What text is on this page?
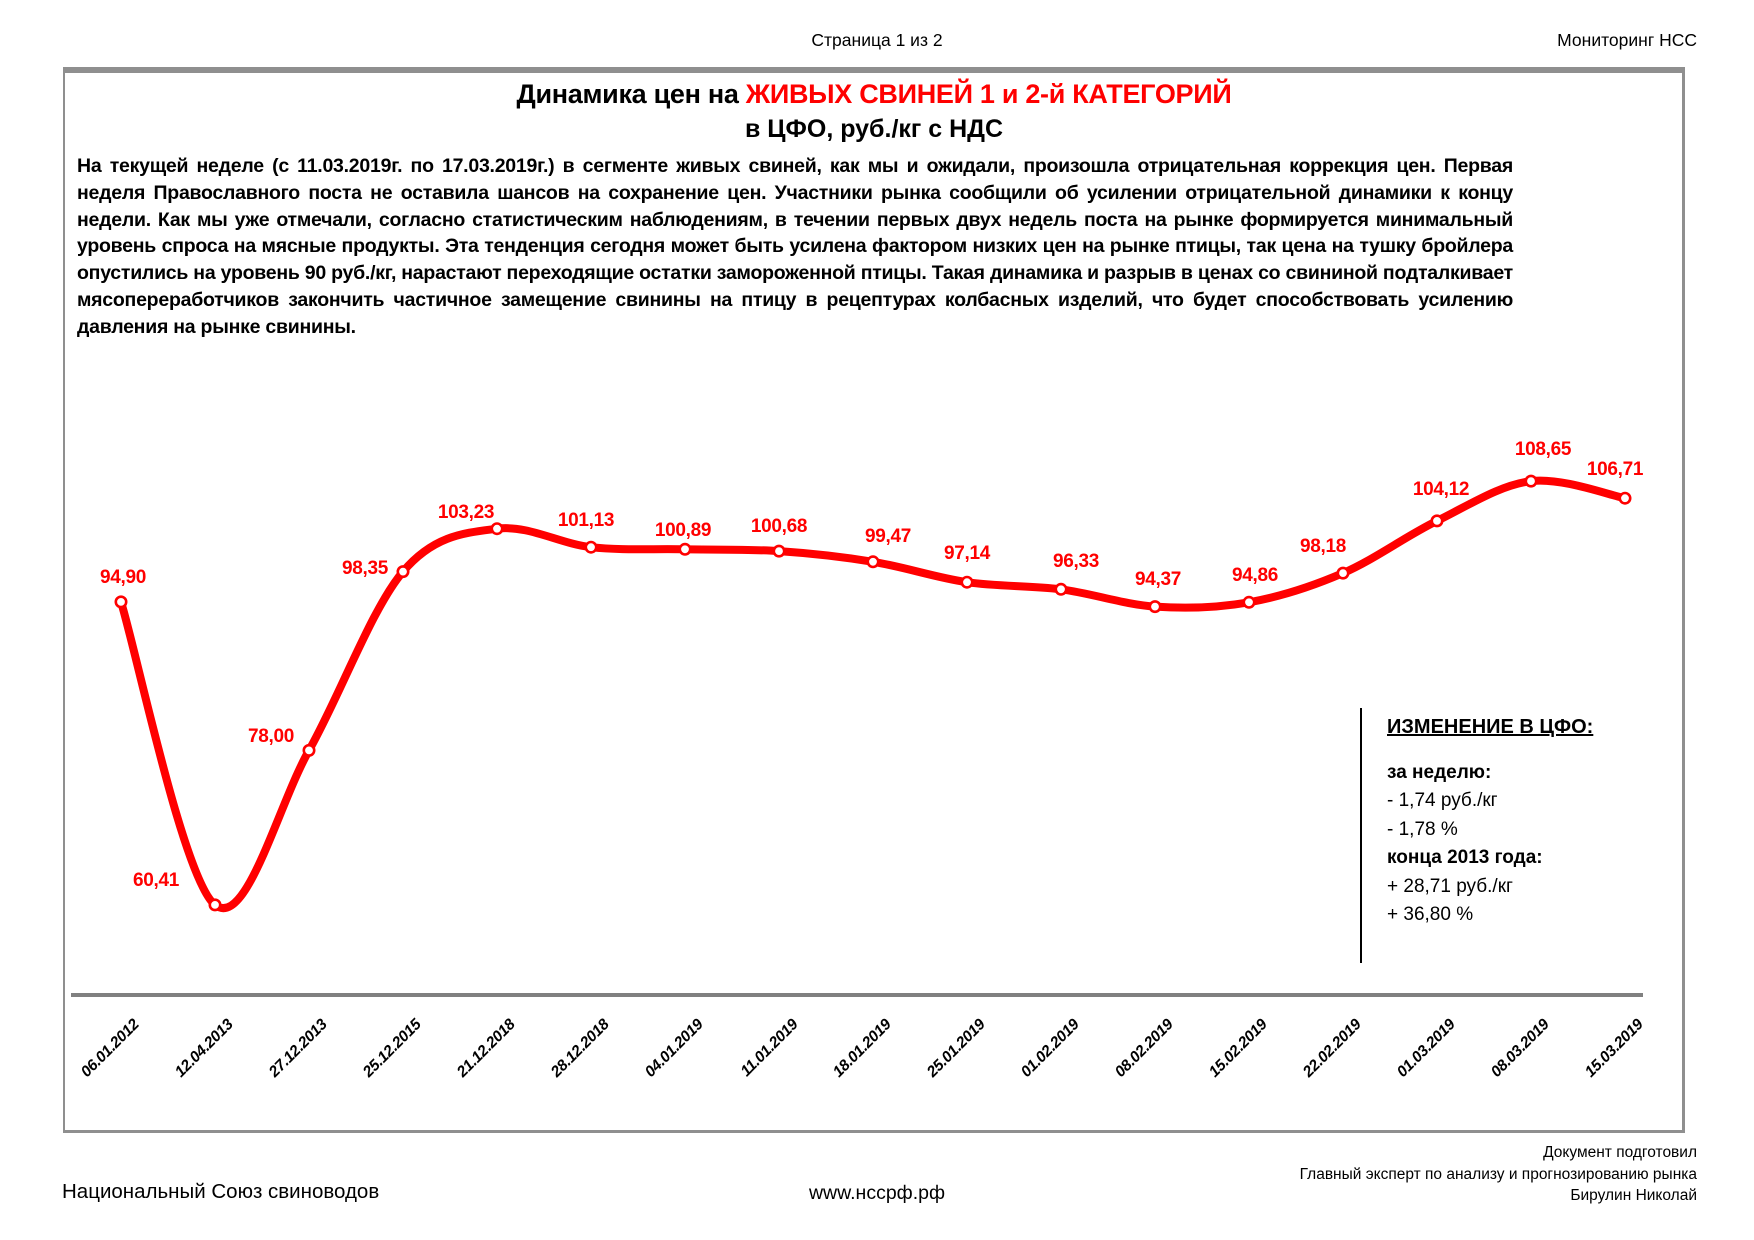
Страница 1 из 2	Мониторинг НСС
Динамика цен на ЖИВЫХ СВИНЕЙ 1 и 2-й КАТЕГОРИЙ
в ЦФО, руб./кг с НДС
На текущей неделе (с 11.03.2019г. по 17.03.2019г.) в сегменте живых свиней, как мы и ожидали, произошла отрицательная коррекция цен. Первая неделя Православного поста не оставила шансов на сохранение цен. Участники рынка сообщили об усилении отрицательной динамики к концу недели. Как мы уже отмечали, согласно статистическим наблюдениям, в течении первых двух недель поста на рынке формируется минимальный уровень спроса на мясные продукты. Эта тенденция сегодня может быть усилена фактором низких цен на рынке птицы, так цена на тушку бройлера опустились на уровень 90 руб./кг, нарастают переходящие остатки замороженной птицы. Такая динамика и разрыв в ценах со свининой подталкивает мясопереработчиков закончить частичное замещение свинины на птицу в рецептурах колбасных изделий, что будет способствовать усилению давления на рынке свинины.
94,90
60,41
78,00
98,35
103,23	101,13 100,89 100,68	99,47
97,14	96,33
94,37	94,86
98,18
104,12
108,65
106,71
06.01.2012 12.04.2013 27.12.2013 25.12.2015 21.12.2018 28.12.2018 04.01.2019 11.01.2019 18.01.2019 25.01.2019 01.02.2019 08.02.2019 15.02.2019 22.02.2019 01.03.2019 08.03.2019 15.03.2019
ИЗМЕНЕНИЕ В ЦФО:
за неделю:
- 1,74 руб./кг
- 1,78 %
конца 2013 года:
+ 28,71 руб./кг
+ 36,80 %
Национальный Союз свиноводов	www.нссрф.рф
Документ подготовил
Главный эксперт по анализу и прогнозированию рынка
Бирулин Николай
